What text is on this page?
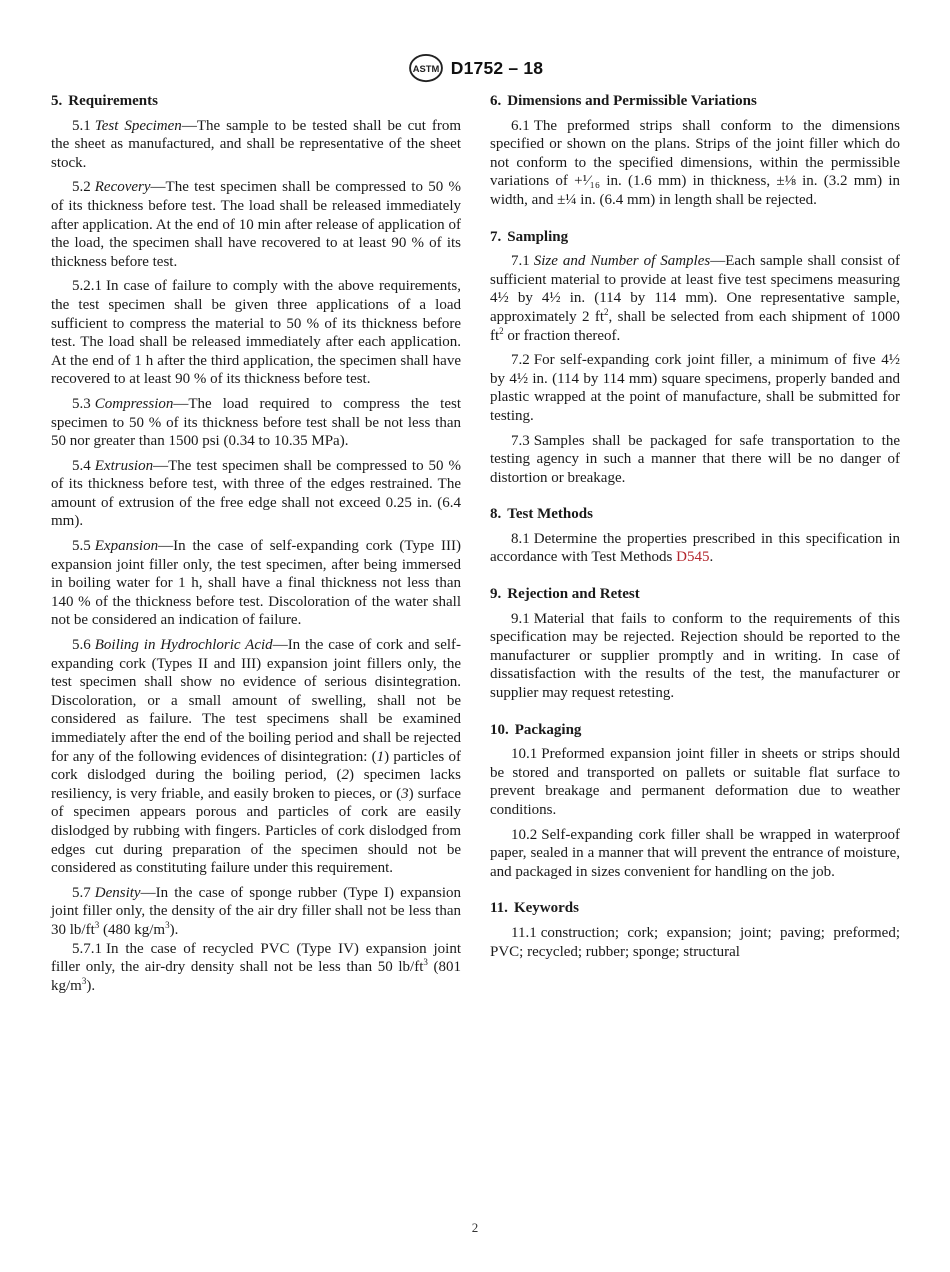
ASTM D1752 – 18
5. Requirements

5.1 Test Specimen—The sample to be tested shall be cut from the sheet as manufactured, and shall be representative of the sheet stock.

5.2 Recovery—The test specimen shall be compressed to 50 % of its thickness before test. The load shall be released immediately after application. At the end of 10 min after release of application of the load, the specimen shall have recovered to at least 90 % of its thickness before test.

5.2.1 In case of failure to comply with the above requirements, the test specimen shall be given three applications of a load sufficient to compress the material to 50 % of its thickness before test. The load shall be released immediately after each application. At the end of 1 h after the third application, the specimen shall have recovered to at least 90 % of its thickness before test.

5.3 Compression—The load required to compress the test specimen to 50 % of its thickness before test shall be not less than 50 nor greater than 1500 psi (0.34 to 10.35 MPa).

5.4 Extrusion—The test specimen shall be compressed to 50 % of its thickness before test, with three of the edges restrained. The amount of extrusion of the free edge shall not exceed 0.25 in. (6.4 mm).

5.5 Expansion—In the case of self-expanding cork (Type III) expansion joint filler only, the test specimen, after being immersed in boiling water for 1 h, shall have a final thickness not less than 140 % of the thickness before test. Discoloration of the water shall not be considered an indication of failure.

5.6 Boiling in Hydrochloric Acid—In the case of cork and self-expanding cork (Types II and III) expansion joint fillers only, the test specimen shall show no evidence of serious disintegration. Discoloration, or a small amount of swelling, shall not be considered as failure. The test specimens shall be examined immediately after the end of the boiling period and shall be rejected for any of the following evidences of disintegration: (1) particles of cork dislodged during the boiling period, (2) specimen lacks resiliency, is very friable, and easily broken to pieces, or (3) surface of specimen appears porous and particles of cork are easily dislodged by rubbing with fingers. Particles of cork dislodged from edges cut during preparation of the specimen should not be considered as constituting failure under this requirement.

5.7 Density—In the case of sponge rubber (Type I) expansion joint filler only, the density of the air dry filler shall not be less than 30 $lb/ft^3$ (480 $kg/m^3$).

5.7.1 In the case of recycled PVC (Type IV) expansion joint filler only, the air-dry density shall not be less than 50 $lb/ft^3$ (801 $kg/m^3$).

6. Dimensions and Permissible Variations

6.1 The preformed strips shall conform to the dimensions specified or shown on the plans. Strips of the joint filler which do not conform to the specified dimensions, within the permissible variations of +¹⁄₁₆ in. (1.6 mm) in thickness, ±⅛ in. (3.2 mm) in width, and ±¼ in. (6.4 mm) in length shall be rejected.

7. Sampling

7.1 Size and Number of Samples—Each sample shall consist of sufficient material to provide at least five test specimens measuring 4½ by 4½ in. (114 by 114 mm). One representative sample, approximately 2 $ft^2$, shall be selected from each shipment of 1000 $ft^2$ or fraction thereof.

7.2 For self-expanding cork joint filler, a minimum of five 4½ by 4½ in. (114 by 114 mm) square specimens, properly banded and plastic wrapped at the point of manufacture, shall be submitted for testing.

7.3 Samples shall be packaged for safe transportation to the testing agency in such a manner that there will be no danger of distortion or breakage.

8. Test Methods

8.1 Determine the properties prescribed in this specification in accordance with Test Methods D545.

9. Rejection and Retest

9.1 Material that fails to conform to the requirements of this specification may be rejected. Rejection should be reported to the manufacturer or supplier promptly and in writing. In case of dissatisfaction with the results of the test, the manufacturer or supplier may request retesting.

10. Packaging

10.1 Preformed expansion joint filler in sheets or strips should be stored and transported on pallets or suitable flat surface to prevent breakage and permanent deformation due to weather conditions.

10.2 Self-expanding cork filler shall be wrapped in waterproof paper, sealed in a manner that will prevent the entrance of moisture, and packaged in sizes convenient for handling on the job.

11. Keywords

11.1 construction; cork; expansion; joint; paving; preformed; PVC; recycled; rubber; sponge; structural

2
